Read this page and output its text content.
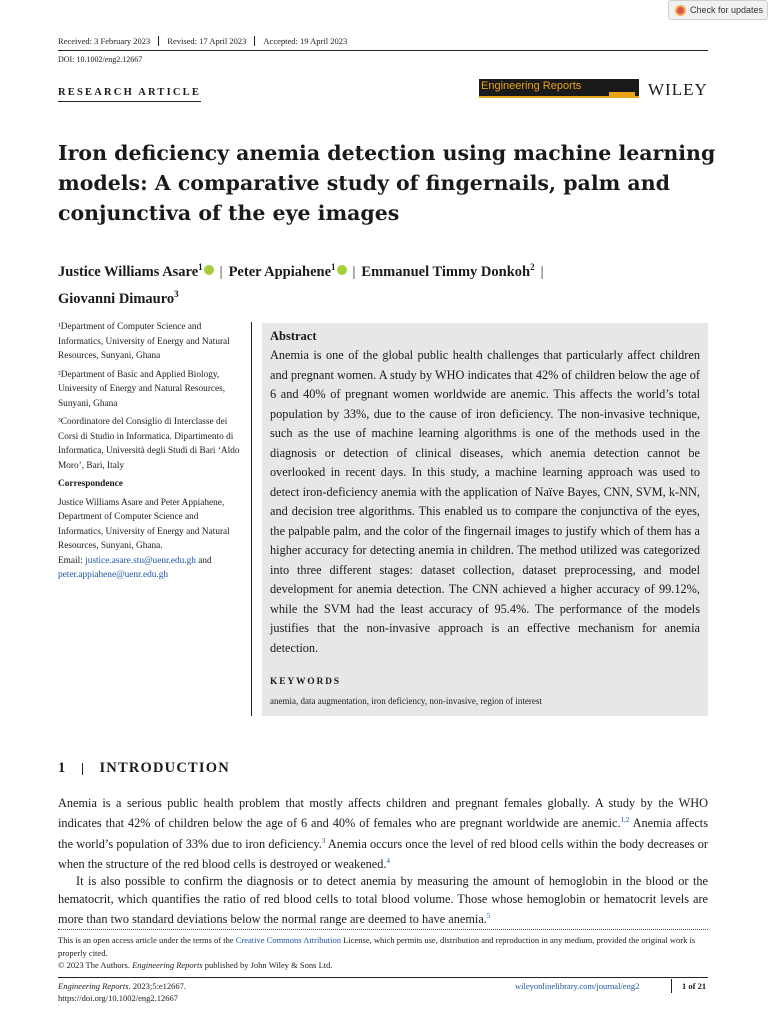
Check for updates
Received: 3 February 2023	Revised: 17 April 2023	Accepted: 19 April 2023
DOI: 10.1002/eng2.12667
RESEARCH ARTICLE
Engineering Reports	WILEY
Iron deficiency anemia detection using machine learning models: A comparative study of fingernails, palm and conjunctiva of the eye images
Justice Williams Asare$^1$ | Peter Appiahene$^1$ | Emmanuel Timmy Donkoh$^2$ |
Giovanni Dimauro$^3$

¹Department of Computer Science and Informatics, University of Energy and Natural Resources, Sunyani, Ghana

²Department of Basic and Applied Biology, University of Energy and Natural Resources, Sunyani, Ghana

³Coordinatore del Consiglio di Interclasse dei Corsi di Studio in Informatica. Dipartimento di Informatica, Università degli Studi di Bari ‘Aldo Moro’, Bari, Italy

Correspondence

Justice Williams Asare and Peter Appiahene, Department of Computer Science and Informatics, University of Energy and Natural Resources, Sunyani, Ghana.
Email: justice.asare.stu@uenr.edu.gh and peter.appiahene@uenr.edu.gh
Abstract
Anemia is one of the global public health challenges that particularly affect children and pregnant women. A study by WHO indicates that 42% of children below the age of 6 and 40% of pregnant women worldwide are anemic. This affects the world’s total population by 33%, due to the cause of iron deficiency. The non-invasive technique, such as the use of machine learning algorithms is one of the methods used in the diagnosis or detection of clinical diseases, which anemia detection cannot be overlooked in recent days. In this study, a machine learning approach was used to detect iron-deficiency anemia with the application of Naïve Bayes, CNN, SVM, k-NN, and decision tree algorithms. This enabled us to compare the conjunctiva of the eyes, the palpable palm, and the color of the fingernail images to justify which of them has a higher accuracy for detecting anemia in children. The method utilized was categorized into three different stages: dataset collection, dataset preprocessing, and model development for anemia detection. The CNN achieved a higher accuracy of 99.12%, while the SVM had the least accuracy of 95.4%. The performance of the models justifies that the non-invasive approach is an effective mechanism for anemia detection.
KEYWORDS
anemia, data augmentation, iron deficiency, non-invasive, region of interest
1 INTRODUCTION

Anemia is a serious public health problem that mostly affects children and pregnant females globally. A study by the WHO indicates that 42% of children below the age of 6 and 40% of females who are pregnant worldwide are anemic.$^{1,2}$ Anemia affects the world’s population of 33% due to iron deficiency.$^3$ Anemia occurs once the level of red blood cells within the body decreases or when the structure of the red blood cells is destroyed or weakened.$^4$

It is also possible to confirm the diagnosis or to detect anemia by measuring the amount of hemoglobin in the blood or the hematocrit, which quantifies the ratio of red blood cells to total blood volume. Those whose hemoglobin or hematocrit levels are more than two standard deviations below the normal range are deemed to have anemia.$^5$

This is an open access article under the terms of the Creative Commons Attribution License, which permits use, distribution and reproduction in any medium, provided the original work is properly cited.

© 2023 The Authors. Engineering Reports published by John Wiley & Sons Ltd.

Engineering Reports. 2023;5:e12667.
https://doi.org/10.1002/eng2.12667
wileyonlinelibrary.com/journal/eng2	1 of 21
